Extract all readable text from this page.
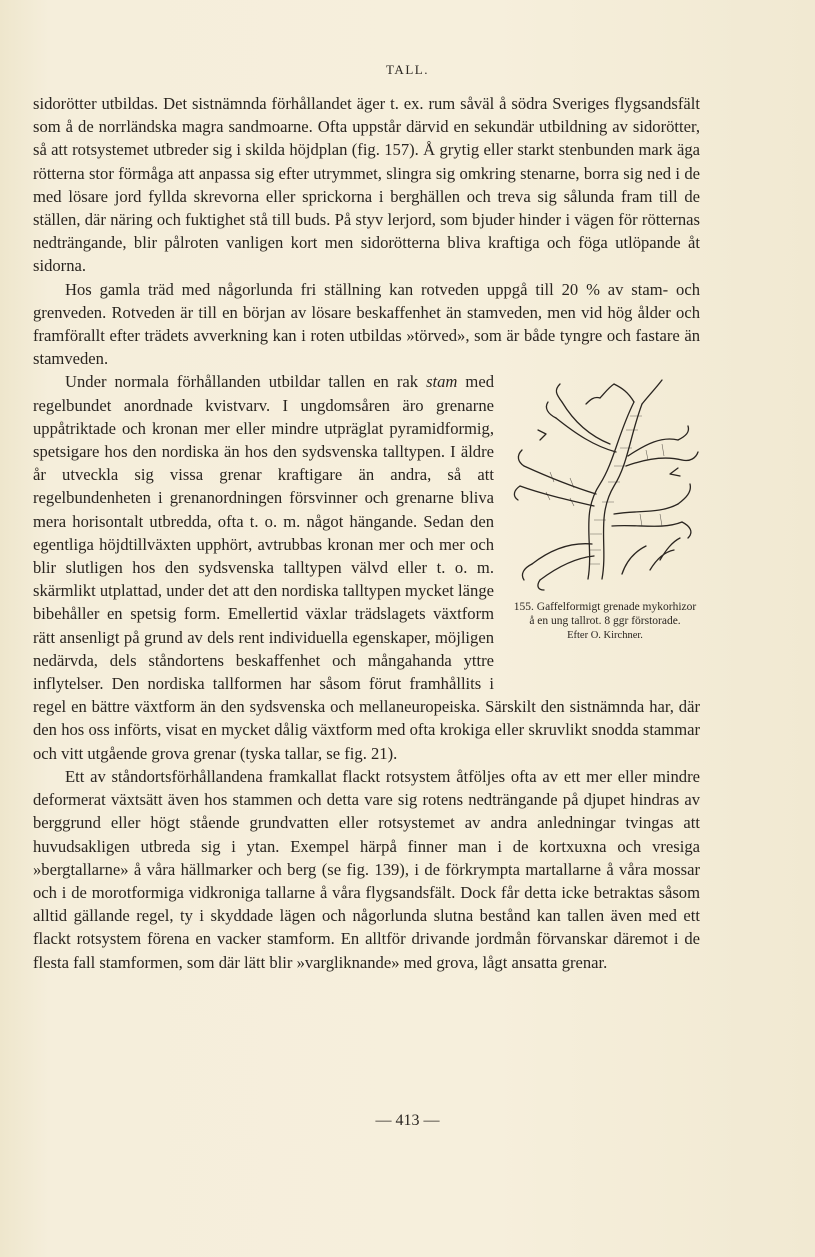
TALL.

sidorötter utbildas. Det sistnämnda förhållandet äger t. ex. rum såväl å södra Sveriges flygsandsfält som å de norrländska magra sandmoarne. Ofta uppstår därvid en sekundär utbildning av sidorötter, så att rotsystemet utbreder sig i skilda höjdplan (fig. 157). Å grytig eller starkt stenbunden mark äga rötterna stor förmåga att anpassa sig efter utrymmet, slingra sig omkring stenarne, borra sig ned i de med lösare jord fyllda skrevorna eller sprickorna i berghällen och treva sig sålunda fram till de ställen, där näring och fuktighet stå till buds. På styv lerjord, som bjuder hinder i vägen för rötternas nedträngande, blir pålroten vanligen kort men sidorötterna bliva kraftiga och föga utlöpande åt sidorna.

Hos gamla träd med någorlunda fri ställning kan rotveden uppgå till 20 % av stam- och grenveden. Rotveden är till en början av lösare beskaffenhet än stamveden, men vid hög ålder och framförallt efter trädets avverkning kan i roten utbildas »törved», som är både tyngre och fastare än stamveden.

155. Gaffelformigt grenade mykorhizor å en ung tallrot. 8 ggr förstorade.
Efter O. Kirchner.

Under normala förhållanden utbildar tallen en rak stam med regelbundet anordnade kvistvarv. I ungdomsåren äro grenarne uppåtriktade och kronan mer eller mindre utpräglat pyramidformig, spetsigare hos den nordiska än hos den sydsvenska talltypen. I äldre år utveckla sig vissa grenar kraftigare än andra, så att regelbundenheten i grenanordningen försvinner och grenarne bliva mera horisontalt utbredda, ofta t. o. m. något hängande. Sedan den egentliga höjdtillväxten upphört, avtrubbas kronan mer och mer och blir slutligen hos den sydsvenska talltypen välvd eller t. o. m. skärmlikt utplattad, under det att den nordiska talltypen mycket länge bibehåller en spetsig form. Emellertid växlar trädslagets växtform rätt ansenligt på grund av dels rent individuella egenskaper, möjligen nedärvda, dels ståndortens beskaffenhet och mångahanda yttre inflytelser. Den nordiska tallformen har såsom förut framhållits i regel en bättre växtform än den sydsvenska och mellaneuropeiska. Särskilt den sistnämnda har, där den hos oss införts, visat en mycket dålig växtform med ofta krokiga eller skruvlikt snodda stammar och vitt utgående grova grenar (tyska tallar, se fig. 21).

Ett av ståndortsförhållandena framkallat flackt rotsystem åtföljes ofta av ett mer eller mindre deformerat växtsätt även hos stammen och detta vare sig rotens nedträngande på djupet hindras av berggrund eller högt stående grundvatten eller rotsystemet av andra anledningar tvingas att huvudsakligen utbreda sig i ytan. Exempel härpå finner man i de kortxuxna och vresiga »bergtallarne» å våra hällmarker och berg (se fig. 139), i de förkrympta martallarne å våra mossar och i de morotformiga vidkroniga tallarne å våra flygsandsfält. Dock får detta icke betraktas såsom alltid gällande regel, ty i skyddade lägen och någorlunda slutna bestånd kan tallen även med ett flackt rotsystem förena en vacker stamform. En alltför drivande jordmån förvanskar däremot i de flesta fall stamformen, som där lätt blir »vargliknande» med grova, lågt ansatta grenar.

— 413 —
